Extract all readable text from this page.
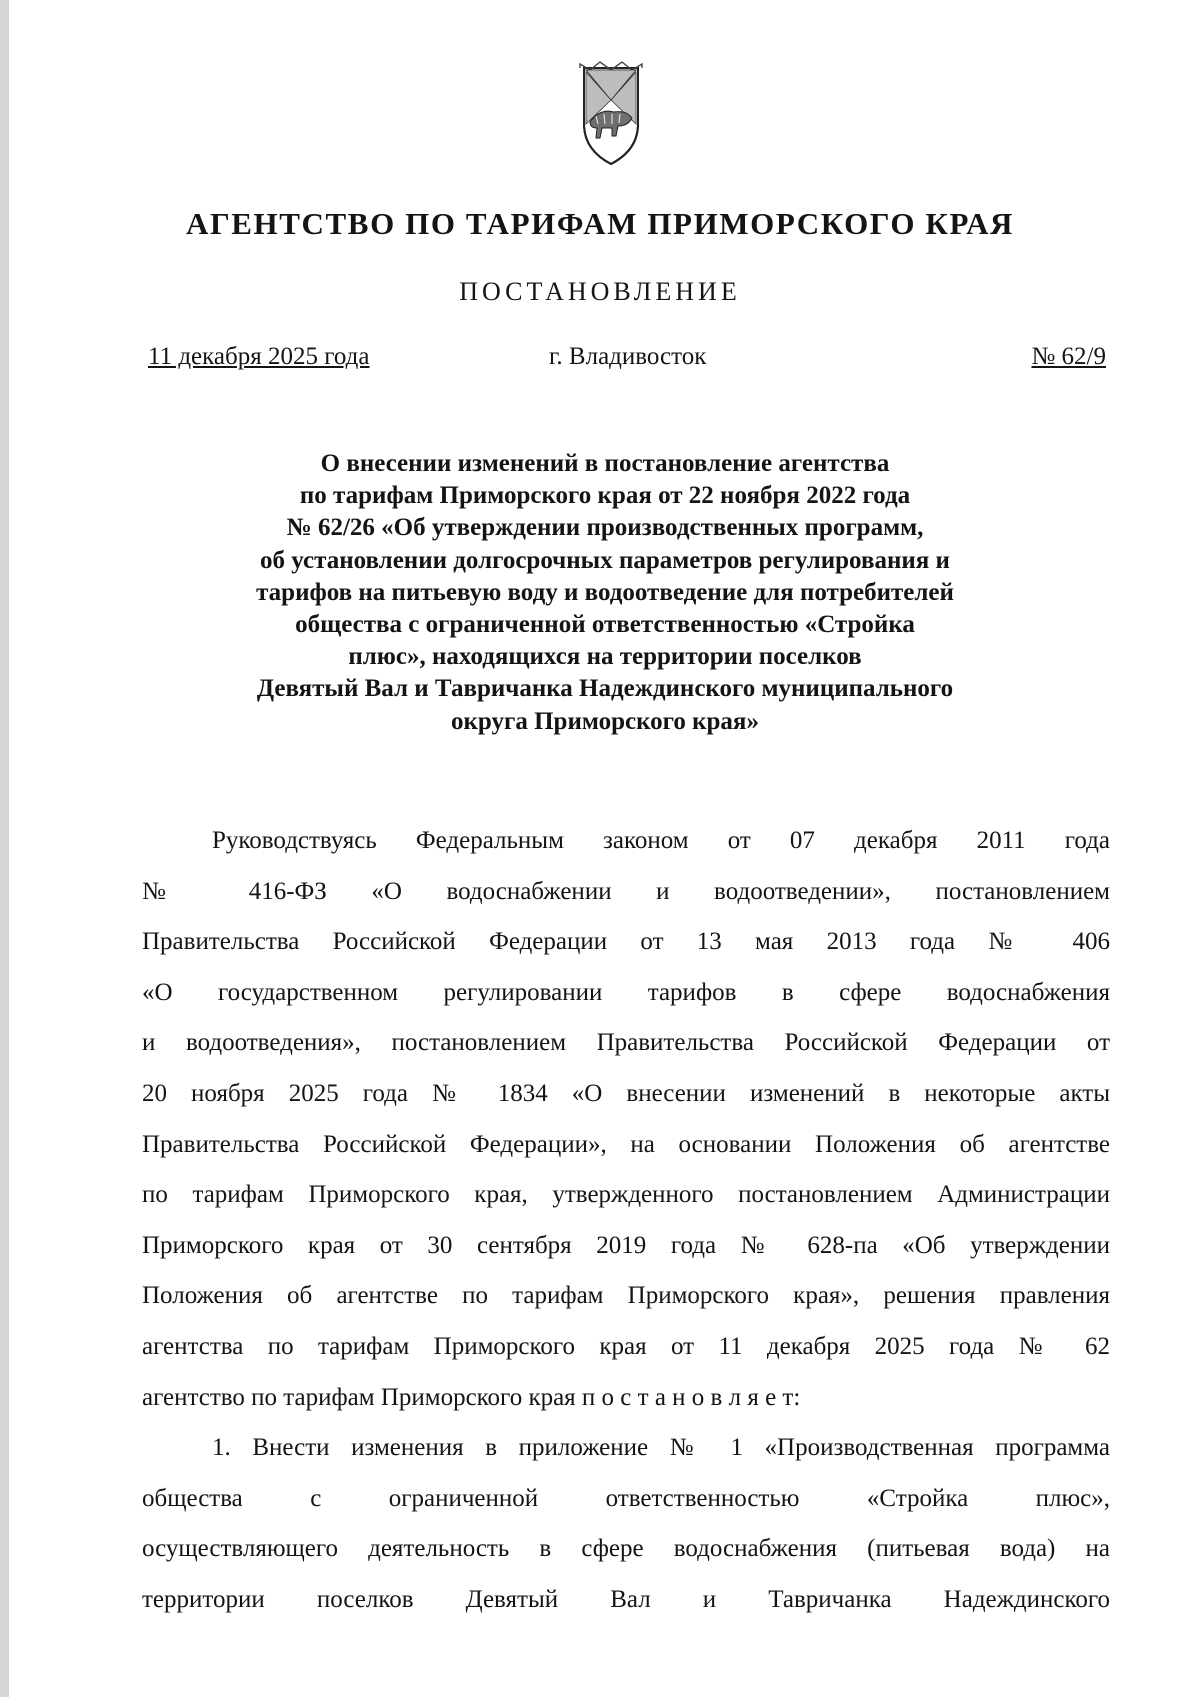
АГЕНТСТВО ПО ТАРИФАМ ПРИМОРСКОГО КРАЯ
ПОСТАНОВЛЕНИЕ
11 декабря 2025 года	г. Владивосток	№ 62/9
О внесении изменений в постановление агентства
по тарифам Приморского края от 22 ноября 2022 года
№ 62/26 «Об утверждении производственных программ,
об установлении долгосрочных параметров регулирования и
тарифов на питьевую воду и водоотведение для потребителей
общества с ограниченной ответственностью «Стройка
плюс», находящихся на территории поселков
Девятый Вал и Тавричанка Надеждинского муниципального
округа Приморского края»
Руководствуясь Федеральным законом от 07 декабря 2011 года
№ 416-ФЗ «О водоснабжении и водоотведении», постановлением
Правительства Российской Федерации от 13 мая 2013 года № 406
«О государственном регулировании тарифов в сфере водоснабжения
и водоотведения», постановлением Правительства Российской Федерации от
20 ноября 2025 года № 1834 «О внесении изменений в некоторые акты
Правительства Российской Федерации», на основании Положения об агентстве
по тарифам Приморского края, утвержденного постановлением Администрации
Приморского края от 30 сентября 2019 года № 628-па «Об утверждении
Положения об агентстве по тарифам Приморского края», решения правления
агентства по тарифам Приморского края от 11 декабря 2025 года № 62
агентство по тарифам Приморского края п о с т а н о в л я е т:
1. Внести изменения в приложение № 1 «Производственная программа
общества с ограниченной ответственностью «Стройка плюс»,
осуществляющего деятельность в сфере водоснабжения (питьевая вода) на
территории поселков Девятый Вал и Тавричанка Надеждинского
